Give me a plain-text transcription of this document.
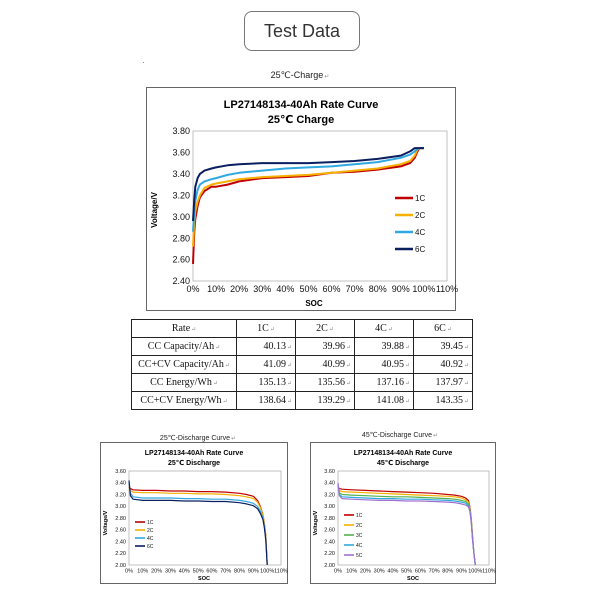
Test Data
·
25℃-Charge↵
LP27148134-40Ah Rate Curve
25℃ Charge
Voltage/V
SOC
2.40
2.60
2.80
3.00
3.20
3.40
3.60
3.80
0% 10% 20% 30% 40% 50% 60% 70% 80% 90% 100% 110%
1C
2C
4C
6C
Rate↵	1C↵	2C↵	4C↵	6C↵
CC Capacity/Ah↵	40.13↵	39.96↵	39.88↵	39.45↵
CC+CV Capacity/Ah↵	41.09↵	40.99↵	40.95↵	40.92↵
CC Energy/Wh↵	135.13↵	135.56↵	137.16↵	137.97↵
CC+CV Energy/Wh↵	138.64↵	139.29↵	141.08↵	143.35↵
25℃-Discharge Curve↵
LP27148134-40Ah Rate Curve
25℃ Discharge
Voltage/V
SOC
2.00
2.20
2.40
2.60
2.80
3.00
3.20
3.40
3.60
0% 10% 20% 30% 40% 50% 60% 70% 80% 90% 100% 110%
1C
2C
4C
6C
45℃-Discharge Curve↵
LP27148134-40Ah Rate Curve
45℃ Discharge
Voltage/V
SOC
2.00
2.20
2.40
2.60
2.80
3.00
3.20
3.40
3.60
0% 10% 20% 30% 40% 50% 60% 70% 80% 90% 100% 110%
1C
2C
3C
4C
5C
